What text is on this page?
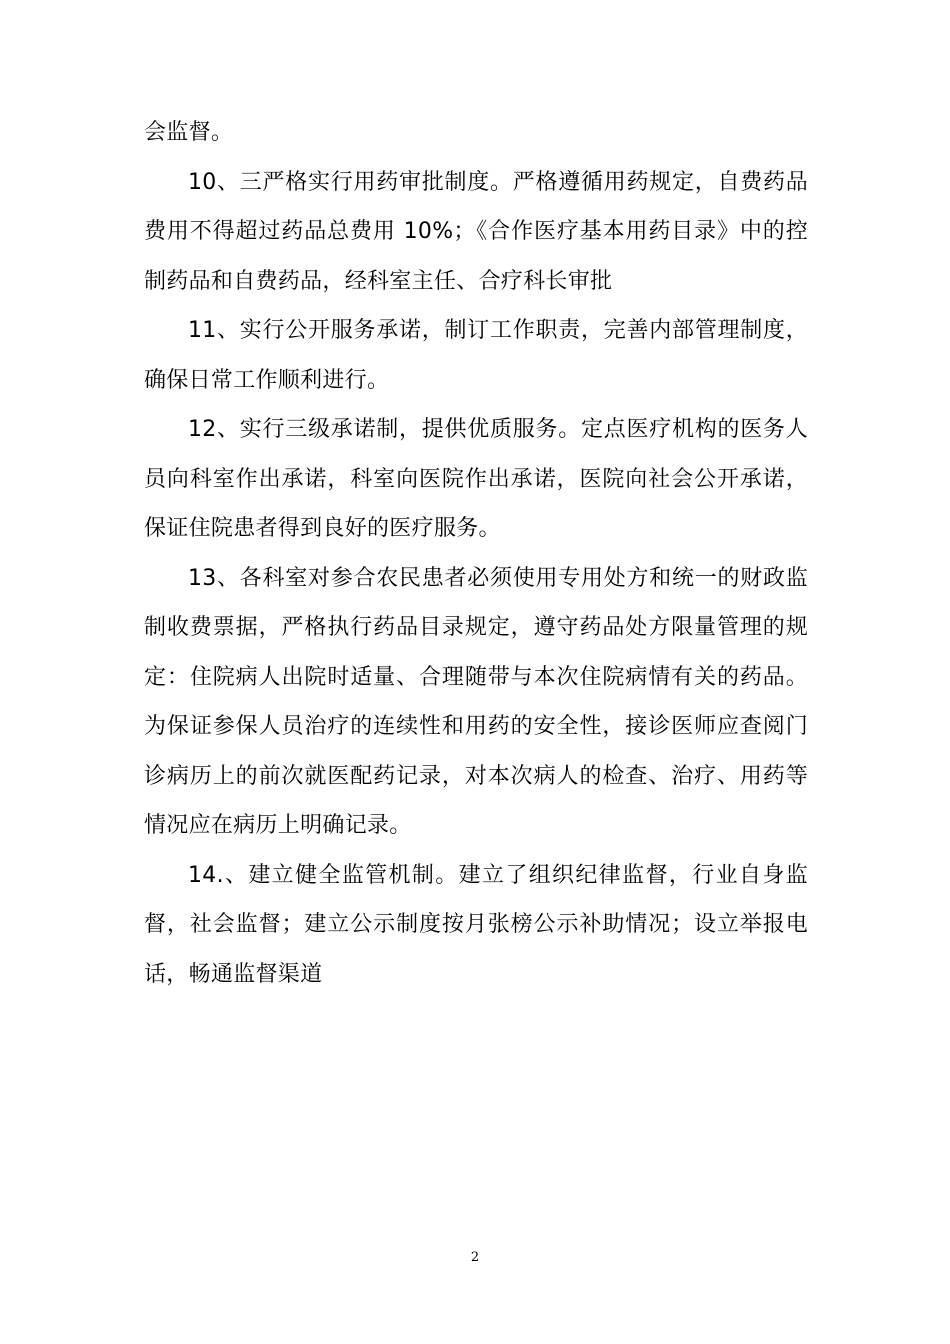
会监督。

10、三严格实行用药审批制度。严格遵循用药规定，自费药品费用不得超过药品总费用 10%；《合作医疗基本用药目录》中的控制药品和自费药品，经科室主任、合疗科长审批

11、实行公开服务承诺，制订工作职责，完善内部管理制度，确保日常工作顺利进行。

12、实行三级承诺制，提供优质服务。定点医疗机构的医务人员向科室作出承诺，科室向医院作出承诺，医院向社会公开承诺，保证住院患者得到良好的医疗服务。

13、各科室对参合农民患者必须使用专用处方和统一的财政监制收费票据，严格执行药品目录规定，遵守药品处方限量管理的规定：住院病人出院时适量、合理随带与本次住院病情有关的药品。为保证参保人员治疗的连续性和用药的安全性，接诊医师应查阅门诊病历上的前次就医配药记录，对本次病人的检查、治疗、用药等情况应在病历上明确记录。

14.、建立健全监管机制。建立了组织纪律监督，行业自身监督，社会监督；建立公示制度按月张榜公示补助情况；设立举报电话，畅通监督渠道

2
